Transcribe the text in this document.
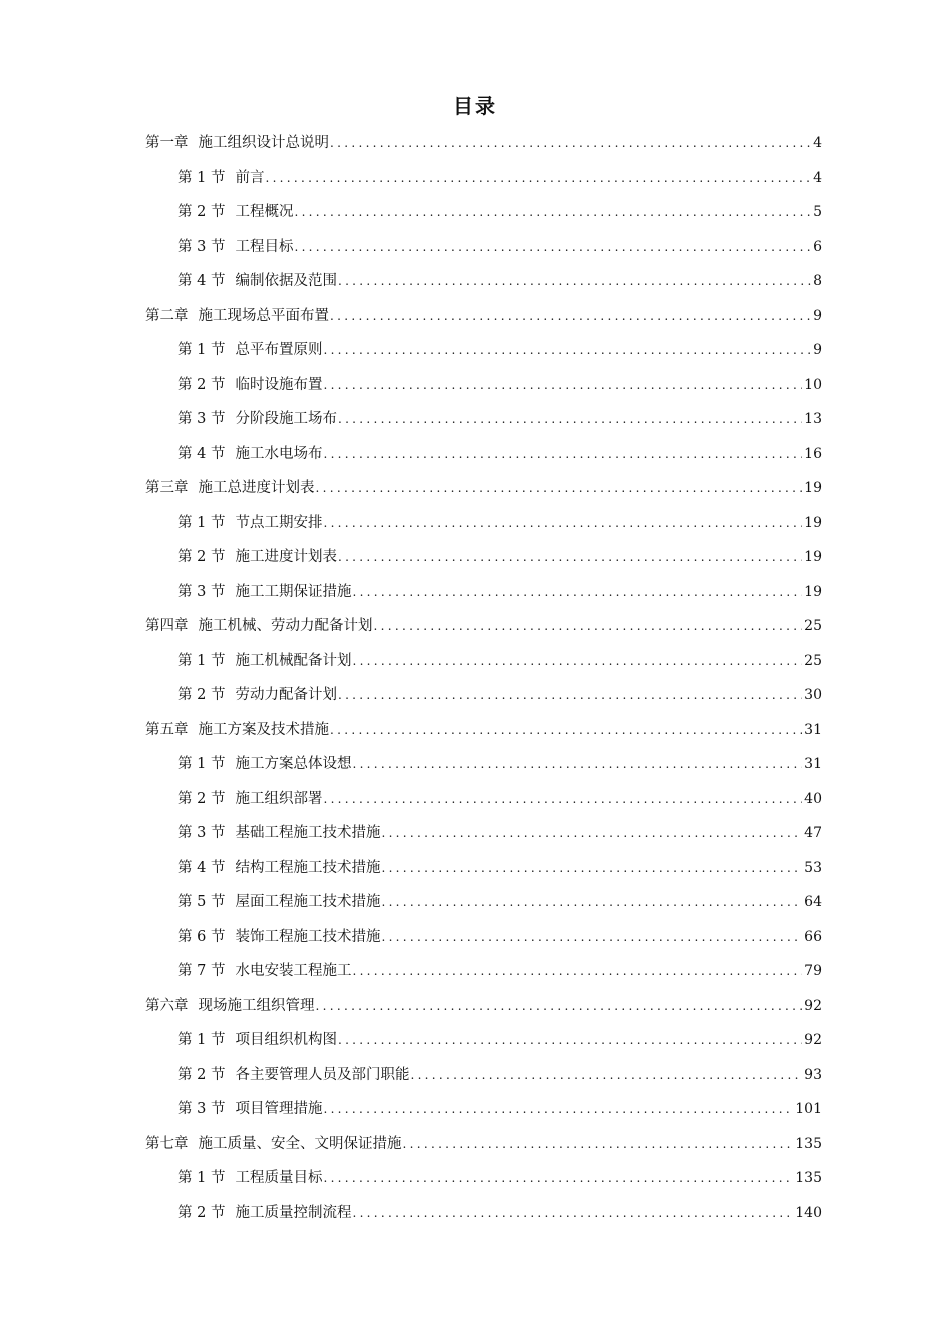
目录
第一章 施工组织设计总说明 .....	4
第 1 节 前言 .....	4
第 2 节 工程概况 .....	5
第 3 节 工程目标 .....	6
第 4 节 编制依据及范围 .....	8
第二章 施工现场总平面布置 .....	9
第 1 节 总平布置原则 .....	9
第 2 节 临时设施布置 .....	10
第 3 节 分阶段施工场布 .....	13
第 4 节 施工水电场布 .....	16
第三章 施工总进度计划表 .....	19
第 1 节 节点工期安排 .....	19
第 2 节 施工进度计划表 .....	19
第 3 节 施工工期保证措施 .....	19
第四章 施工机械、劳动力配备计划 .....	25
第 1 节 施工机械配备计划 .....	25
第 2 节 劳动力配备计划 .....	30
第五章 施工方案及技术措施 .....	31
第 1 节 施工方案总体设想 .....	31
第 2 节 施工组织部署 .....	40
第 3 节 基础工程施工技术措施 .....	47
第 4 节 结构工程施工技术措施 .....	53
第 5 节 屋面工程施工技术措施 .....	64
第 6 节 装饰工程施工技术措施 .....	66
第 7 节 水电安装工程施工 .....	79
第六章 现场施工组织管理 .....	92
第 1 节 项目组织机构图 .....	92
第 2 节 各主要管理人员及部门职能 .....	93
第 3 节 项目管理措施 .....	101
第七章 施工质量、安全、文明保证措施 .....	135
第 1 节 工程质量目标 .....	135
第 2 节 施工质量控制流程 .....	140
